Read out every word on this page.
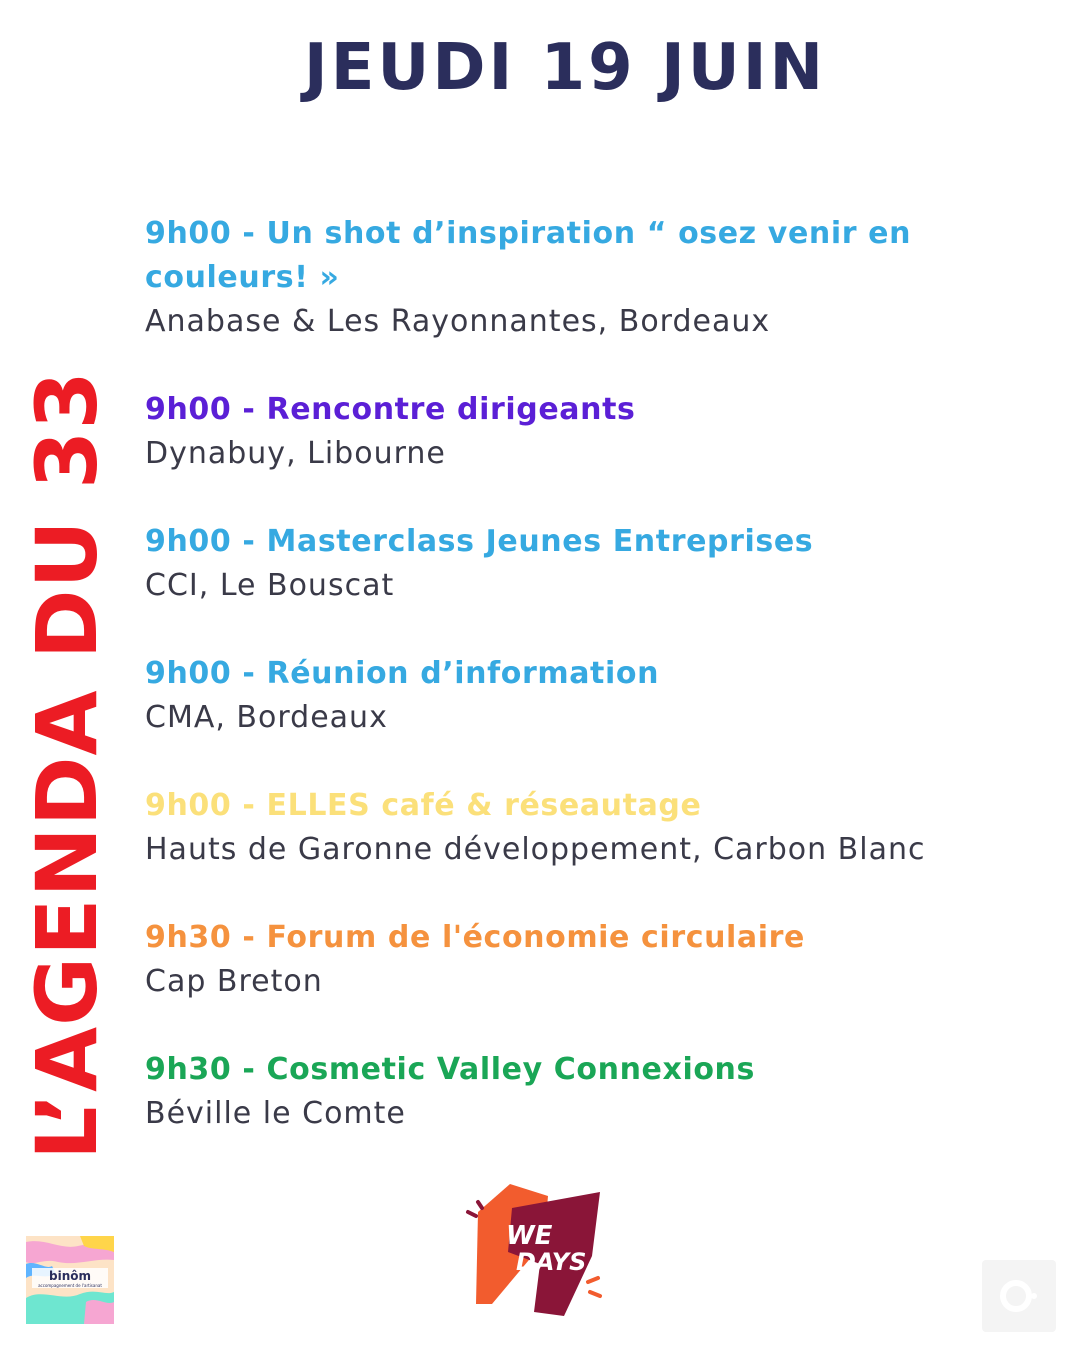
JEUDI 19 JUIN
L’AGENDA DU 33
9h00 - Un shot d’inspiration “ osez venir en couleurs! »
Anabase & Les Rayonnantes, Bordeaux
9h00 - Rencontre dirigeants
Dynabuy, Libourne
9h00 - Masterclass Jeunes Entreprises
CCI, Le Bouscat
9h00 - Réunion d’information
CMA, Bordeaux
9h00 - ELLES café & réseautage
Hauts de Garonne développement, Carbon Blanc
9h30 - Forum de l'économie circulaire
Cap Breton
9h30 - Cosmetic Valley Connexions
Béville le Comte
binôm
accompagnement de l'artisanat
WE
DAYS
